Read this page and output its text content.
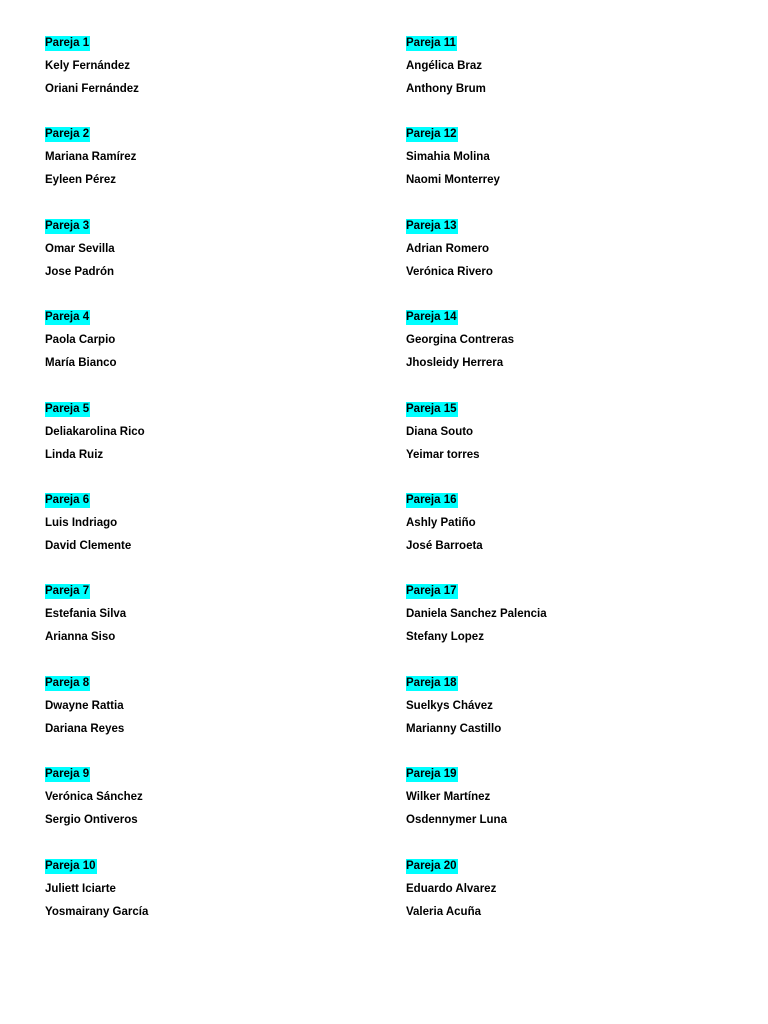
Pareja 1
Kely Fernández
Oriani Fernández
Pareja 2
Mariana Ramírez
Eyleen Pérez
Pareja 3
Omar Sevilla
Jose Padrón
Pareja 4
Paola Carpio
María Bianco
Pareja 5
Deliakarolina Rico
Linda Ruiz
Pareja 6
Luis Indriago
David Clemente
Pareja 7
Estefania Silva
Arianna Siso
Pareja 8
Dwayne Rattia
Dariana Reyes
Pareja 9
Verónica Sánchez
Sergio Ontiveros
Pareja 10
Juliett Iciarte
Yosmairany García
Pareja 11
Angélica Braz
Anthony Brum
Pareja 12
Simahia Molina
Naomi Monterrey
Pareja 13
Adrian Romero
Verónica Rivero
Pareja 14
Georgina Contreras
Jhosleidy Herrera
Pareja 15
Diana Souto
Yeimar torres
Pareja 16
Ashly Patiño
José Barroeta
Pareja 17
Daniela Sanchez Palencia
Stefany Lopez
Pareja 18
Suelkys Chávez
Marianny Castillo
Pareja 19
Wilker Martínez
Osdennymer Luna
Pareja 20
Eduardo Alvarez
Valeria Acuña
